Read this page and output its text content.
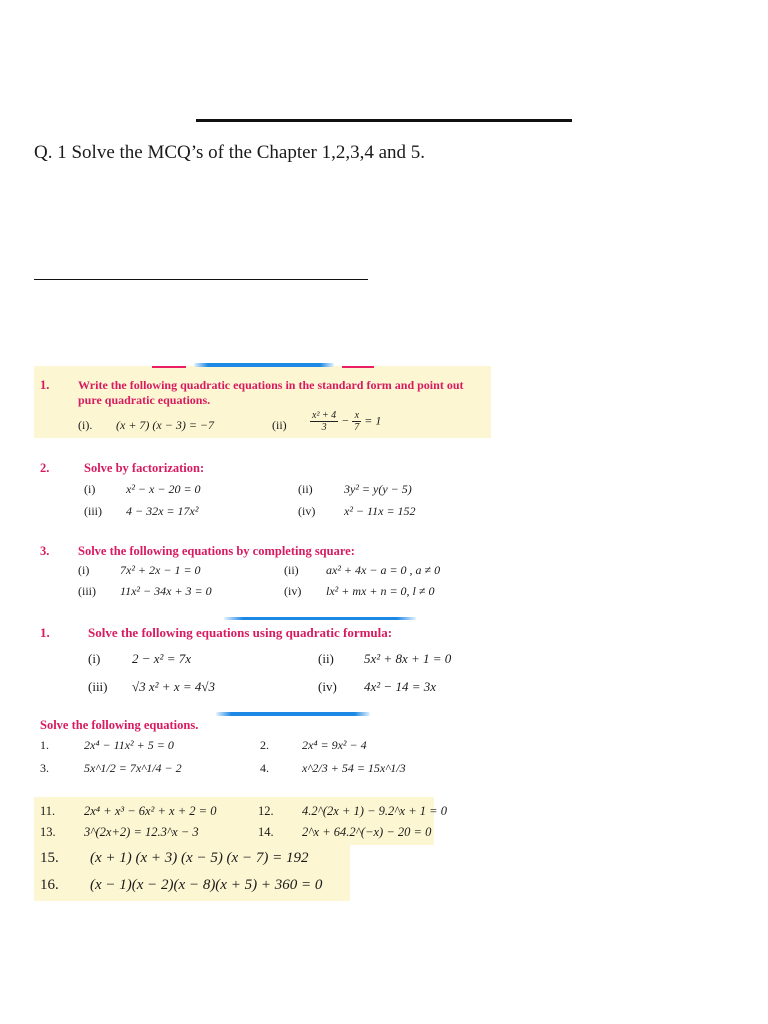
Q. 1 Solve the MCQ’s of the Chapter 1,2,3,4 and 5.
1. Write the following quadratic equations in the standard form and point out
pure quadratic equations.
(i). (x + 7) (x − 3) = −7	$(ii) \frac{\text{x² + 4}}{3} - \frac{x}{7} = 1$
2.	Solve by factorization:
(i)	x² − x − 20 = 0	(ii)	3y² = y(y − 5)
(iii) 4 − 32x = 17x²	(iv) x² − 11x = 152
3. Solve the following equations by completing square:
(i)	7x² + 2x − 1 = 0	(ii) ax² + 4x − a = 0 , a ≠ 0
(iii) 11x² − 34x + 3 = 0	(iv) lx² + mx + n = 0, l ≠ 0
1.	Solve the following equations using quadratic formula:
(i) 2 − x² = 7x	(ii) 5x² + 8x + 1 = 0
(iii) √3 x² + x = 4√3	(iv) 4x² − 14 = 3x
Solve the following equations.
1.	2x⁴ − 11x² + 5 = 0	2.	2x⁴ = 9x² − 4
3.	5x^1/2 = 7x^1/4 − 2	4.	x^2/3 + 54 = 15x^1/3
11. 2x⁴ + x³ − 6x² + x + 2 = 0	12. 4.2^(2x + 1) − 9.2^x + 1 = 0
13. 3^(2x+2) = 12.3^x − 3	14. 2^x + 64.2^(−x) − 20 = 0
15. (x + 1) (x + 3) (x − 5) (x − 7) = 192
16. (x − 1)(x − 2)(x − 8)(x + 5) + 360 = 0
